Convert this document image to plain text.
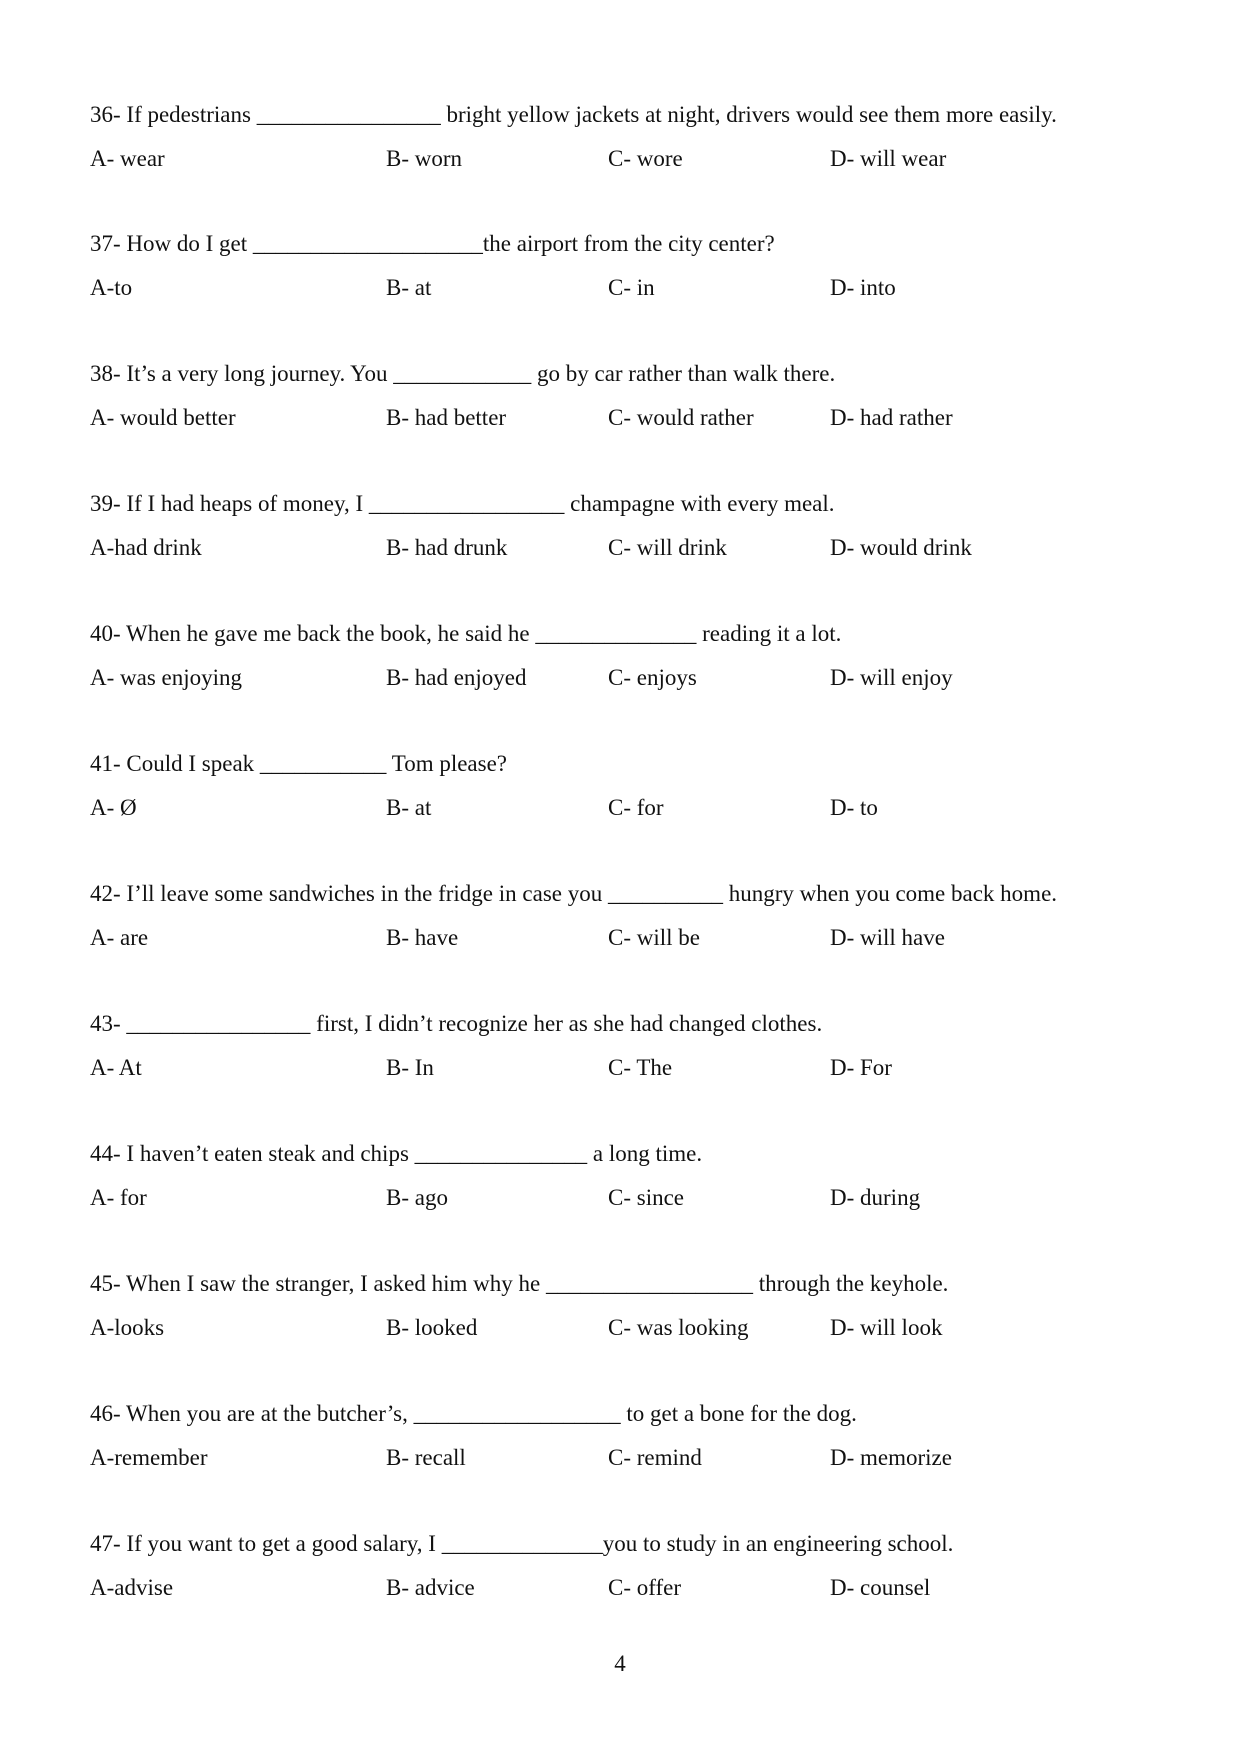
36- If pedestrians ________________ bright yellow jackets at night, drivers would see them more easily.
A- wear	B- worn	C- wore	D- will wear
37- How do I get ____________________the airport from the city center?
A-to	B- at	C- in	D- into
38- It’s a very long journey. You ____________ go by car rather than walk there.
A- would better	B- had better	C- would rather	D- had rather
39- If I had heaps of money, I _________________ champagne with every meal.
A-had drink	B- had drunk	C- will drink	D- would drink
40- When he gave me back the book, he said he ______________ reading it a lot.
A- was enjoying	B- had enjoyed	C- enjoys	D- will enjoy
41- Could I speak ___________ Tom please?
A- Ø	B- at	C- for	D- to
42- I’ll leave some sandwiches in the fridge in case you __________ hungry when you come back home.
A- are	B- have	C- will be	D- will have
43- ________________ first, I didn’t recognize her as she had changed clothes.
A- At	B- In	C- The	D- For
44- I haven’t eaten steak and chips _______________ a long time.
A- for	B- ago	C- since	D- during
45- When I saw the stranger, I asked him why he __________________ through the keyhole.
A-looks	B- looked	C- was looking	D- will look
46- When you are at the butcher’s, __________________ to get a bone for the dog.
A-remember	B- recall	C- remind	D- memorize
47- If you want to get a good salary, I ______________you to study in an engineering school.
A-advise	B- advice	C- offer	D- counsel
4
